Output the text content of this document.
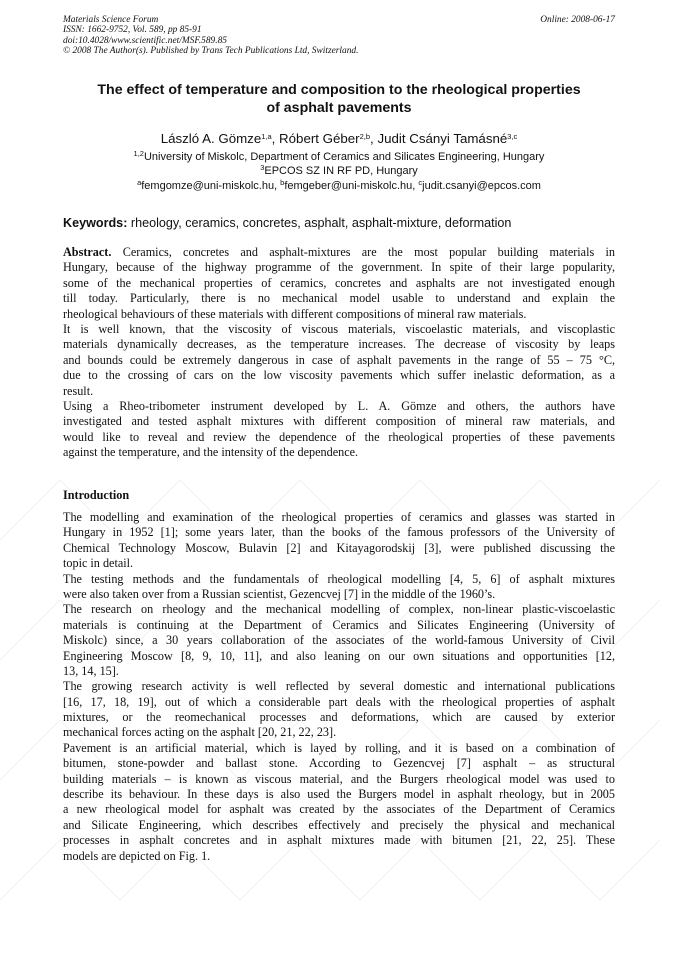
Materials Science Forum
ISSN: 1662-9752, Vol. 589, pp 85-91
doi:10.4028/www.scientific.net/MSF.589.85
© 2008 The Author(s). Published by Trans Tech Publications Ltd, Switzerland.
Online: 2008-06-17
The effect of temperature and composition to the rheological properties
of asphalt pavements
László A. Gömze$^{1,a}$, Róbert Géber$^{2,b}$, Judit Csányi Tamásné$^{3,c}$
$^{1,2}$University of Miskolc, Department of Ceramics and Silicates Engineering, Hungary
$^3$EPCOS SZ IN RF PD, Hungary
$^a$femgomze@uni-miskolc.hu, $^b$femgeber@uni-miskolc.hu, $^c$judit.csanyi@epcos.com
Keywords: rheology, ceramics, concretes, asphalt, asphalt-mixture, deformation
Abstract. Ceramics, concretes and asphalt-mixtures are the most popular building materials in
Hungary, because of the highway programme of the government. In spite of their large popularity,
some of the mechanical properties of ceramics, concretes and asphalts are not investigated enough
till today. Particularly, there is no mechanical model usable to understand and explain the
rheological behaviours of these materials with different compositions of mineral raw materials.
It is well known, that the viscosity of viscous materials, viscoelastic materials, and viscoplastic
materials dynamically decreases, as the temperature increases. The decrease of viscosity by leaps
and bounds could be extremely dangerous in case of asphalt pavements in the range of 55 – 75 °C,
due to the crossing of cars on the low viscosity pavements which suffer inelastic deformation, as a
result.
Using a Rheo-tribometer instrument developed by L. A. Gömze and others, the authors have
investigated and tested asphalt mixtures with different composition of mineral raw materials, and
would like to reveal and review the dependence of the rheological properties of these pavements
against the temperature, and the intensity of the dependence.
Introduction
The modelling and examination of the rheological properties of ceramics and glasses was started in
Hungary in 1952 [1]; some years later, than the books of the famous professors of the University of
Chemical Technology Moscow, Bulavin [2] and Kitayagorodskij [3], were published discussing the
topic in detail.
The testing methods and the fundamentals of rheological modelling [4, 5, 6] of asphalt mixtures
were also taken over from a Russian scientist, Gezencvej [7] in the middle of the 1960’s.
The research on rheology and the mechanical modelling of complex, non-linear plastic-viscoelastic
materials is continuing at the Department of Ceramics and Silicates Engineering (University of
Miskolc) since, a 30 years collaboration of the associates of the world-famous University of Civil
Engineering Moscow [8, 9, 10, 11], and also leaning on our own situations and opportunities [12,
13, 14, 15].
The growing research activity is well reflected by several domestic and international publications
[16, 17, 18, 19], out of which a considerable part deals with the rheological properties of asphalt
mixtures, or the reomechanical processes and deformations, which are caused by exterior
mechanical forces acting on the asphalt [20, 21, 22, 23].
Pavement is an artificial material, which is layed by rolling, and it is based on a combination of
bitumen, stone-powder and ballast stone. According to Gezencvej [7] asphalt – as structural
building materials – is known as viscous material, and the Burgers rheological model was used to
describe its behaviour. In these days is also used the Burgers model in asphalt rheology, but in 2005
a new rheological model for asphalt was created by the associates of the Department of Ceramics
and Silicate Engineering, which describes effectively and precisely the physical and mechanical
processes in asphalt concretes and in asphalt mixtures made with bitumen [21, 22, 25]. These
models are depicted on Fig. 1.
